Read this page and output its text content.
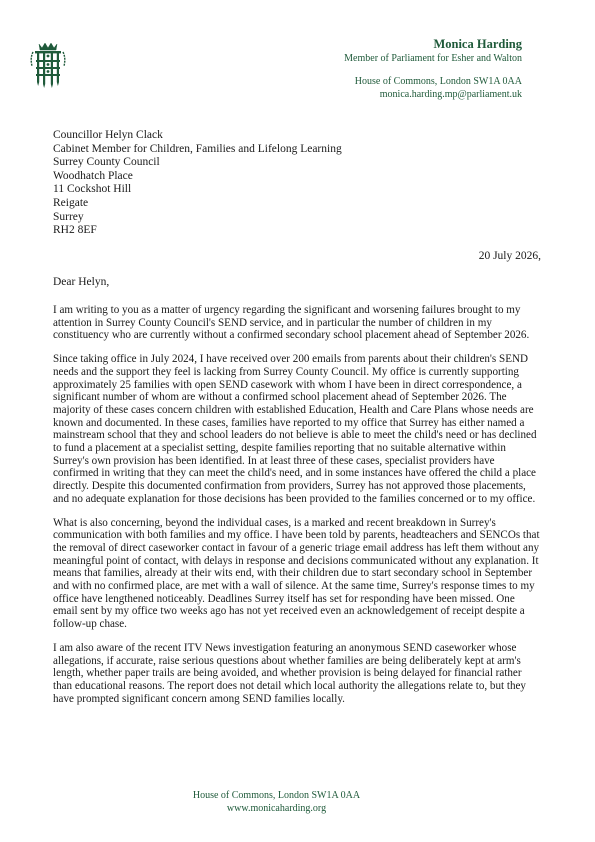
Monica Harding
Member of Parliament for Esher and Walton
House of Commons, London SW1A 0AA
monica.harding.mp@parliament.uk
Councillor Helyn Clack
Cabinet Member for Children, Families and Lifelong Learning
Surrey County Council
Woodhatch Place
11 Cockshot Hill
Reigate
Surrey
RH2 8EF
20 July 2026,
Dear Helyn,

I am writing to you as a matter of urgency regarding the significant and worsening failures brought to my attention in Surrey County Council's SEND service, and in particular the number of children in my constituency who are currently without a confirmed secondary school placement ahead of September 2026.

Since taking office in July 2024, I have received over 200 emails from parents about their children's SEND needs and the support they feel is lacking from Surrey County Council. My office is currently supporting approximately 25 families with open SEND casework with whom I have been in direct correspondence, a significant number of whom are without a confirmed school placement ahead of September 2026. The majority of these cases concern children with established Education, Health and Care Plans whose needs are known and documented. In these cases, families have reported to my office that Surrey has either named a mainstream school that they and school leaders do not believe is able to meet the child's need or has declined to fund a placement at a specialist setting, despite families reporting that no suitable alternative within Surrey's own provision has been identified. In at least three of these cases, specialist providers have confirmed in writing that they can meet the child's need, and in some instances have offered the child a place directly. Despite this documented confirmation from providers, Surrey has not approved those placements, and no adequate explanation for those decisions has been provided to the families concerned or to my office.

What is also concerning, beyond the individual cases, is a marked and recent breakdown in Surrey's communication with both families and my office. I have been told by parents, headteachers and SENCOs that the removal of direct caseworker contact in favour of a generic triage email address has left them without any meaningful point of contact, with delays in response and decisions communicated without any explanation. It means that families, already at their wits end, with their children due to start secondary school in September and with no confirmed place, are met with a wall of silence. At the same time, Surrey's response times to my office have lengthened noticeably. Deadlines Surrey itself has set for responding have been missed. One email sent by my office two weeks ago has not yet received even an acknowledgement of receipt despite a follow-up chase.

I am also aware of the recent ITV News investigation featuring an anonymous SEND caseworker whose allegations, if accurate, raise serious questions about whether families are being deliberately kept at arm's length, whether paper trails are being avoided, and whether provision is being delayed for financial rather than educational reasons. The report does not detail which local authority the allegations relate to, but they have prompted significant concern among SEND families locally.

House of Commons, London SW1A 0AA
www.monicaharding.org
